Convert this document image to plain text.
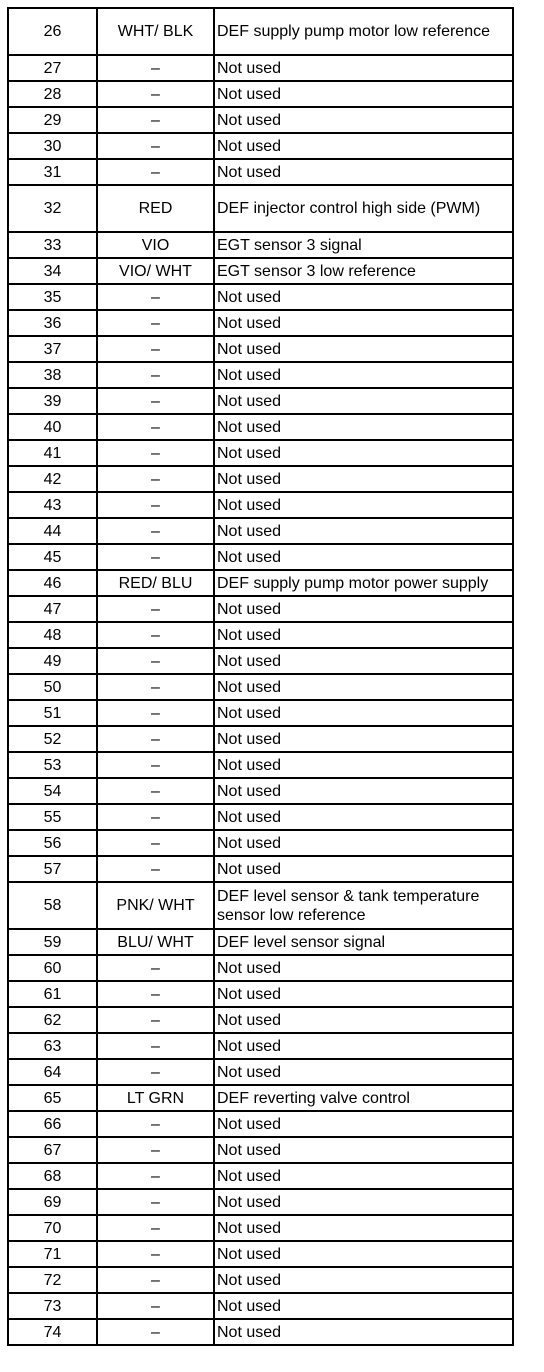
26	WHT/ BLK	DEF supply pump motor low reference
27	–	Not used
28	–	Not used
29	–	Not used
30	–	Not used
31	–	Not used
32	RED	DEF injector control high side (PWM)
33	VIO	EGT sensor 3 signal
34	VIO/ WHT	EGT sensor 3 low reference
35	–	Not used
36	–	Not used
37	–	Not used
38	–	Not used
39	–	Not used
40	–	Not used
41	–	Not used
42	–	Not used
43	–	Not used
44	–	Not used
45	–	Not used
46	RED/ BLU	DEF supply pump motor power supply
47	–	Not used
48	–	Not used
49	–	Not used
50	–	Not used
51	–	Not used
52	–	Not used
53	–	Not used
54	–	Not used
55	–	Not used
56	–	Not used
57	–	Not used
58	PNK/ WHT	DEF level sensor & tank temperature sensor low reference
59	BLU/ WHT	DEF level sensor signal
60	–	Not used
61	–	Not used
62	–	Not used
63	–	Not used
64	–	Not used
65	LT GRN	DEF reverting valve control
66	–	Not used
67	–	Not used
68	–	Not used
69	–	Not used
70	–	Not used
71	–	Not used
72	–	Not used
73	–	Not used
74	–	Not used
